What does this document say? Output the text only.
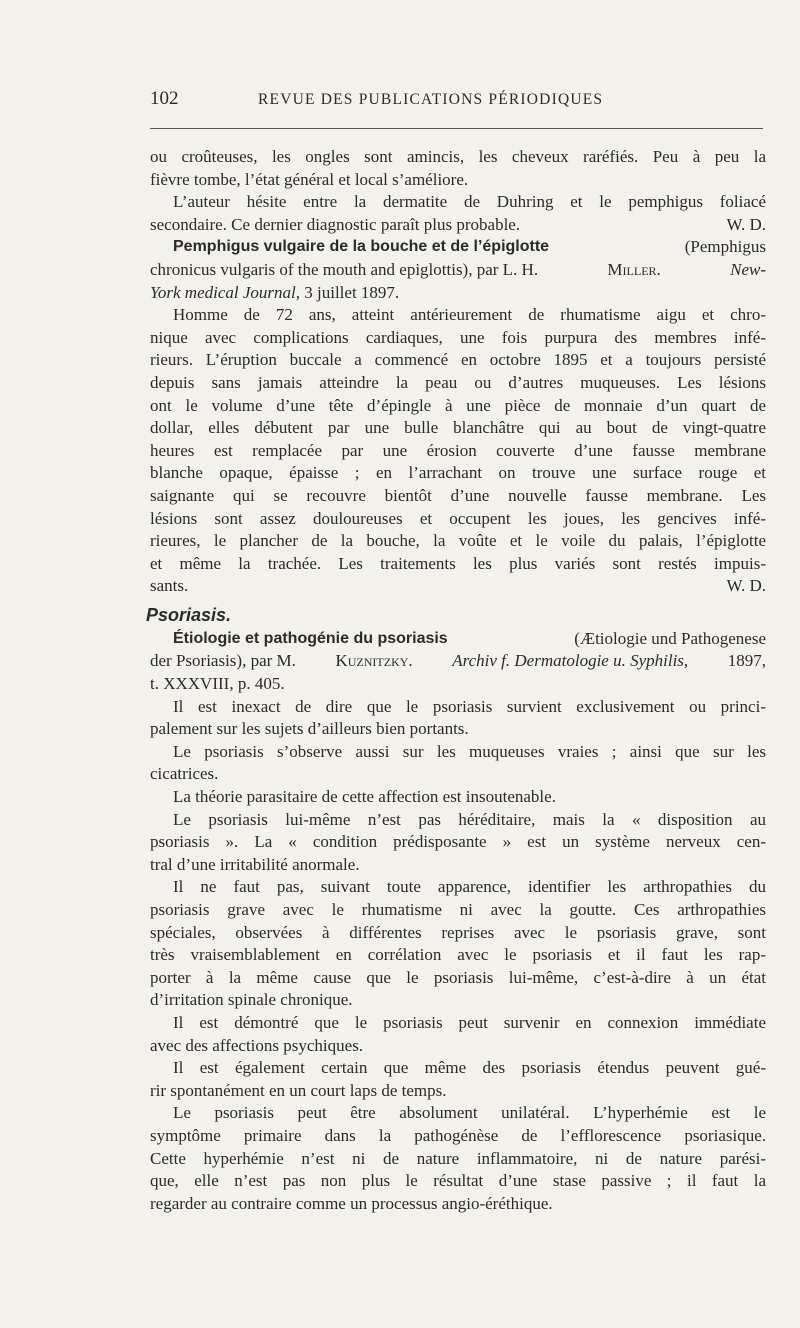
102	REVUE DES PUBLICATIONS PÉRIODIQUES
ou croûteuses, les ongles sont amincis, les cheveux raréfiés. Peu à peu la
fièvre tombe, l’état général et local s’améliore.
L’auteur hésite entre la dermatite de Duhring et le pemphigus foliacé
secondaire. Ce dernier diagnostic paraît plus probable.	W. D.
Pemphigus vulgaire de la bouche et de l’épiglotte	(Pemphigus
chronicus vulgaris of the mouth and epiglottis), par L. H.	Miller.	New-
York medical Journal, 3 juillet 1897.
Homme de 72 ans, atteint antérieurement de rhumatisme aigu et chro-
nique avec complications cardiaques, une fois purpura des membres infé-
rieurs. L’éruption buccale a commencé en octobre 1895 et a toujours persisté
depuis sans jamais atteindre la peau ou d’autres muqueuses. Les lésions
ont le volume d’une tête d’épingle à une pièce de monnaie d’un quart de
dollar, elles débutent par une bulle blanchâtre qui au bout de vingt-quatre
heures est remplacée par une érosion couverte d’une fausse membrane
blanche opaque, épaisse ; en l’arrachant on trouve une surface rouge et
saignante qui se recouvre bientôt d’une nouvelle fausse membrane. Les
lésions sont assez douloureuses et occupent les joues, les gencives infé-
rieures, le plancher de la bouche, la voûte et le voile du palais, l’épiglotte
et même la trachée. Les traitements les plus variés sont restés impuis-
sants.	W. D.
Psoriasis.
Étiologie et pathogénie du psoriasis	(Ætiologie und Pathogenese
der Psoriasis), par M. Kuznitzky. Archiv f. Dermatologie u. Syphilis, 1897,
t. XXXVIII, p. 405.
Il est inexact de dire que le psoriasis survient exclusivement ou princi-
palement sur les sujets d’ailleurs bien portants.
Le psoriasis s’observe aussi sur les muqueuses vraies ; ainsi que sur les
cicatrices.
La théorie parasitaire de cette affection est insoutenable.
Le psoriasis lui-même n’est pas héréditaire, mais la « disposition au
psoriasis ». La « condition prédisposante » est un système nerveux cen-
tral d’une irritabilité anormale.
Il ne faut pas, suivant toute apparence, identifier les arthropathies du
psoriasis grave avec le rhumatisme ni avec la goutte. Ces arthropathies
spéciales, observées à différentes reprises avec le psoriasis grave, sont
très vraisemblablement en corrélation avec le psoriasis et il faut les rap-
porter à la même cause que le psoriasis lui-même, c’est-à-dire à un état
d’irritation spinale chronique.
Il est démontré que le psoriasis peut survenir en connexion immédiate
avec des affections psychiques.
Il est également certain que même des psoriasis étendus peuvent gué-
rir spontanément en un court laps de temps.
Le psoriasis peut être absolument unilatéral. L’hyperhémie est le
symptôme primaire dans la pathogénèse de l’efflorescence psoriasique.
Cette hyperhémie n’est ni de nature inflammatoire, ni de nature parési-
que, elle n’est pas non plus le résultat d’une stase passive ; il faut la
regarder au contraire comme un processus angio-éréthique.
